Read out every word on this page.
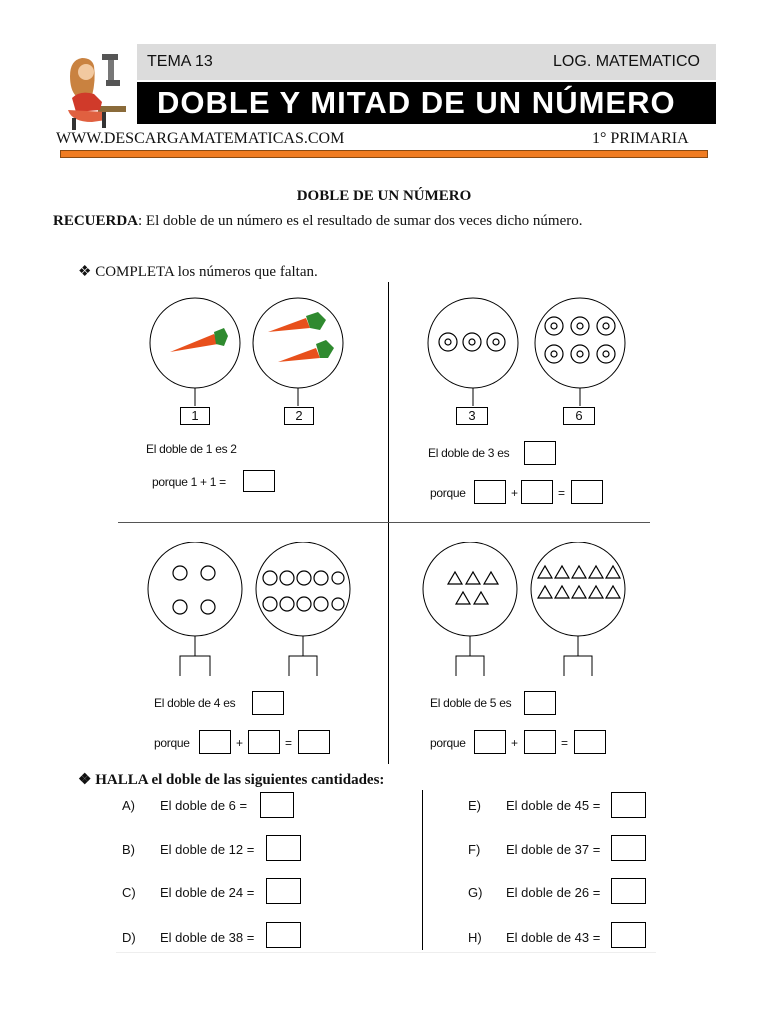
TEMA 13	LOG. MATEMATICO
DOBLE Y MITAD DE UN NÚMERO
WWW.DESCARGAMATEMATICAS.COM	1° PRIMARIA
DOBLE DE UN NÚMERO
RECUERDA: El doble de un número es el resultado de sumar dos veces dicho número.
❖ COMPLETA los números que faltan.
1	2
El doble de 1 es 2
porque 1 + 1 =
3	6
El doble de 3 es
porque	+	=
El doble de 4 es
porque	+	=
El doble de 5 es
porque	+	=
❖ HALLA el doble de las siguientes cantidades:
A) El doble de 6 =
B) El doble de 12 =
C) El doble de 24 =
D) El doble de 38 =
E) El doble de 45 =
F) El doble de 37 =
G) El doble de 26 =
H) El doble de 43 =
